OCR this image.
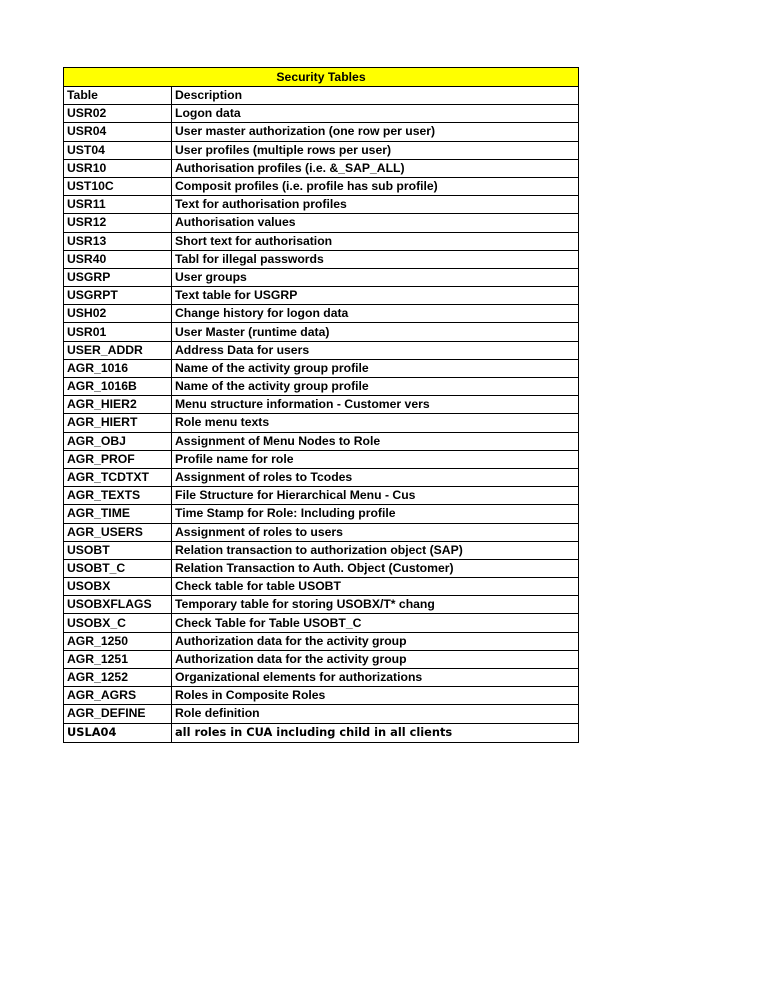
Security Tables	
Table	Description
USR02	Logon data
USR04	User master authorization (one row per user)
UST04	User profiles (multiple rows per user)
USR10	Authorisation profiles (i.e. &_SAP_ALL)
UST10C	Composit profiles (i.e. profile has sub profile)
USR11	Text for authorisation profiles
USR12	Authorisation values
USR13	Short text for authorisation
USR40	Tabl for illegal passwords
USGRP	User groups
USGRPT	Text table for USGRP
USH02	Change history for logon data
USR01	User Master (runtime data)
USER_ADDR	Address Data for users
AGR_1016	Name of the activity group profile
AGR_1016B	Name of the activity group profile
AGR_HIER2	Menu structure information - Customer vers
AGR_HIERT	Role menu texts
AGR_OBJ	Assignment of Menu Nodes to Role
AGR_PROF	Profile name for role
AGR_TCDTXT	Assignment of roles to Tcodes
AGR_TEXTS	File Structure for Hierarchical Menu - Cus
AGR_TIME	Time Stamp for Role: Including profile
AGR_USERS	Assignment of roles to users
USOBT	Relation transaction to authorization object (SAP)
USOBT_C	Relation Transaction to Auth. Object (Customer)
USOBX	Check table for table USOBT
USOBXFLAGS	Temporary table for storing USOBX/T* chang
USOBX_C	Check Table for Table USOBT_C
AGR_1250	Authorization data for the activity group
AGR_1251	Authorization data for the activity group
AGR_1252	Organizational elements for authorizations
AGR_AGRS	Roles in Composite Roles
AGR_DEFINE	Role definition
USLA04	all roles in CUA including child in all clients
